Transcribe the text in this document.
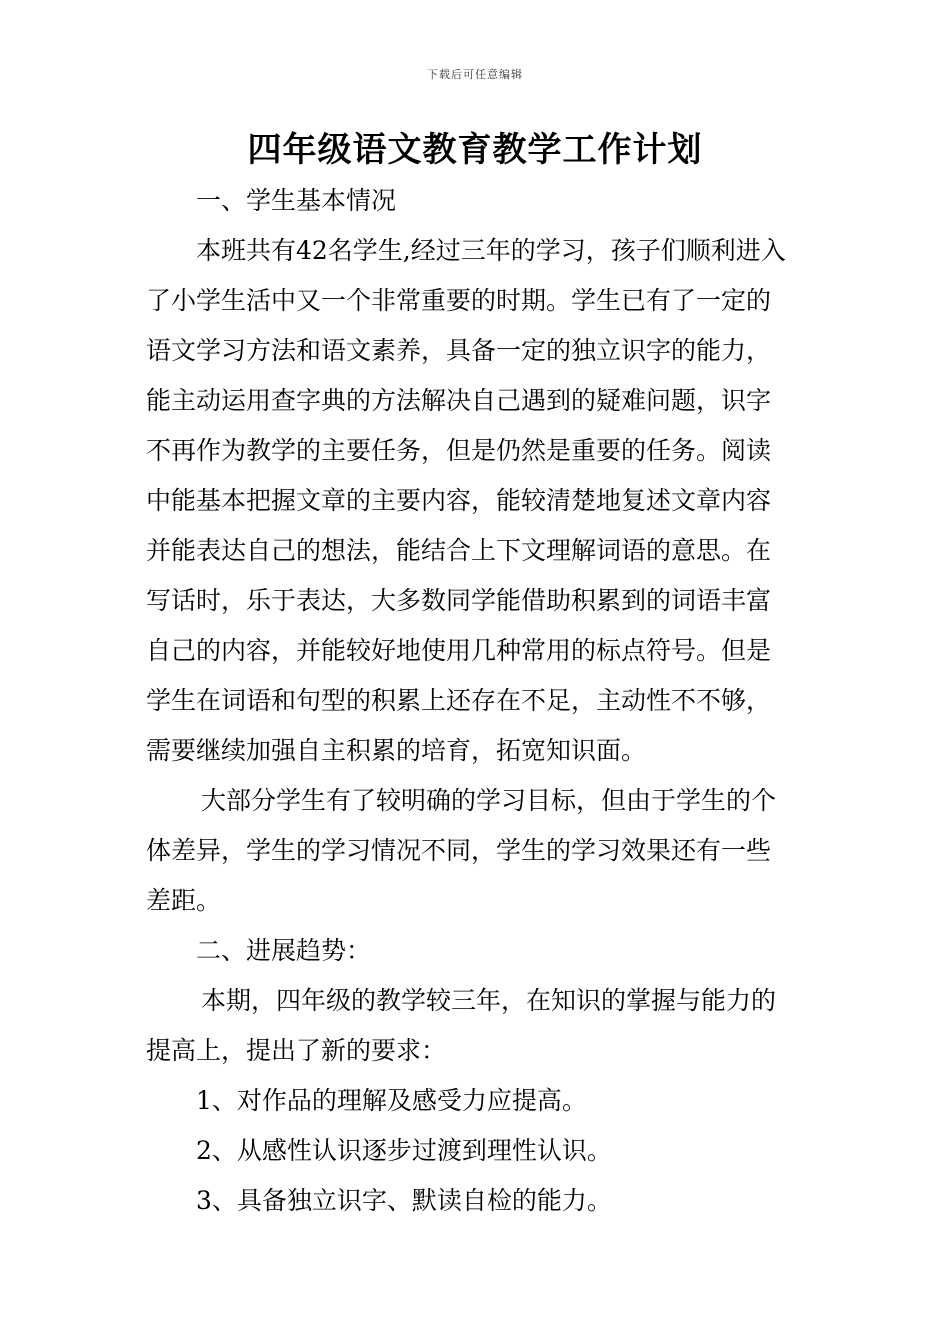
下载后可任意编辑
四年级语文教育教学工作计划
一、学生基本情况
本班共有42名学生,经过三年的学习，孩子们顺利进入
了小学生活中又一个非常重要的时期。学生已有了一定的
语文学习方法和语文素养，具备一定的独立识字的能力，
能主动运用查字典的方法解决自己遇到的疑难问题，识字
不再作为教学的主要任务，但是仍然是重要的任务。阅读
中能基本把握文章的主要内容，能较清楚地复述文章内容
并能表达自己的想法，能结合上下文理解词语的意思。在
写话时，乐于表达，大多数同学能借助积累到的词语丰富
自己的内容，并能较好地使用几种常用的标点符号。但是
学生在词语和句型的积累上还存在不足，主动性不不够，
需要继续加强自主积累的培育，拓宽知识面。
大部分学生有了较明确的学习目标，但由于学生的个
体差异，学生的学习情况不同，学生的学习效果还有一些
差距。
二、进展趋势：
本期，四年级的教学较三年，在知识的掌握与能力的
提高上，提出了新的要求：
1、对作品的理解及感受力应提高。
2、从感性认识逐步过渡到理性认识。
3、具备独立识字、默读自检的能力。
